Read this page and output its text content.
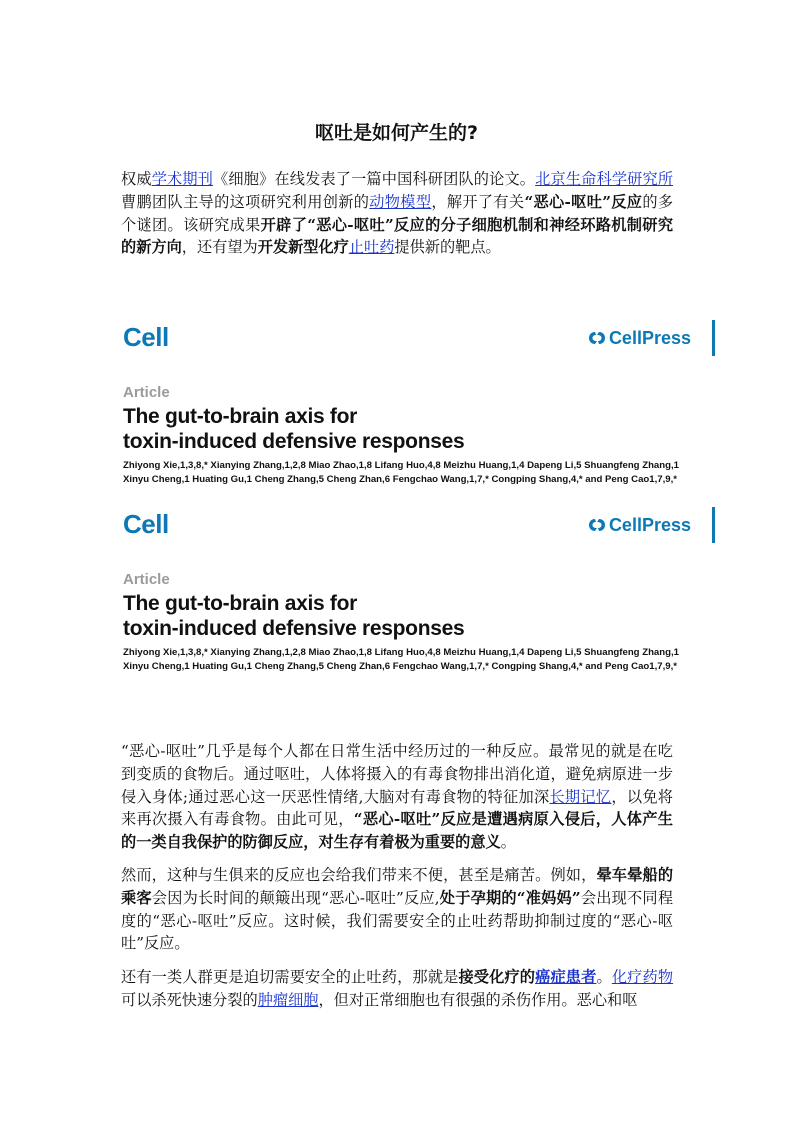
呕吐是如何产生的?
权威学术期刊《细胞》在线发表了一篇中国科研团队的论文。北京生命科学研究所曹鹏团队主导的这项研究利用创新的动物模型，解开了有关“恶心-呕吐”反应的多个谜团。该研究成果开辟了“恶心-呕吐”反应的分子细胞机制和神经环路机制研究的新方向，还有望为开发新型化疗止吐药提供新的靶点。
Cell	CellPress
Article
The gut-to-brain axis for
toxin-induced defensive responses
Zhiyong Xie,1,3,8,* Xianying Zhang,1,2,8 Miao Zhao,1,8 Lifang Huo,4,8 Meizhu Huang,1,4 Dapeng Li,5 Shuangfeng Zhang,1
Xinyu Cheng,1 Huating Gu,1 Cheng Zhang,5 Cheng Zhan,6 Fengchao Wang,1,7,* Congping Shang,4,* and Peng Cao1,7,9,*
Cell	CellPress
Article
The gut-to-brain axis for
toxin-induced defensive responses
Zhiyong Xie,1,3,8,* Xianying Zhang,1,2,8 Miao Zhao,1,8 Lifang Huo,4,8 Meizhu Huang,1,4 Dapeng Li,5 Shuangfeng Zhang,1
Xinyu Cheng,1 Huating Gu,1 Cheng Zhang,5 Cheng Zhan,6 Fengchao Wang,1,7,* Congping Shang,4,* and Peng Cao1,7,9,*
“恶心-呕吐”几乎是每个人都在日常生活中经历过的一种反应。最常见的就是在吃到变质的食物后。通过呕吐，人体将摄入的有毒食物排出消化道，避免病原进一步侵入身体;通过恶心这一厌恶性情绪,大脑对有毒食物的特征加深长期记忆，以免将来再次摄入有毒食物。由此可见，“恶心-呕吐”反应是遭遇病原入侵后，人体产生的一类自我保护的防御反应，对生存有着极为重要的意义。
然而，这种与生俱来的反应也会给我们带来不便，甚至是痛苦。例如，晕车晕船的乘客会因为长时间的颠簸出现“恶心-呕吐”反应,处于孕期的“准妈妈”会出现不同程度的“恶心-呕吐”反应。这时候，我们需要安全的止吐药帮助抑制过度的“恶心-呕吐”反应。
还有一类人群更是迫切需要安全的止吐药，那就是接受化疗的癌症患者。化疗药物可以杀死快速分裂的肿瘤细胞，但对正常细胞也有很强的杀伤作用。恶心和呕
